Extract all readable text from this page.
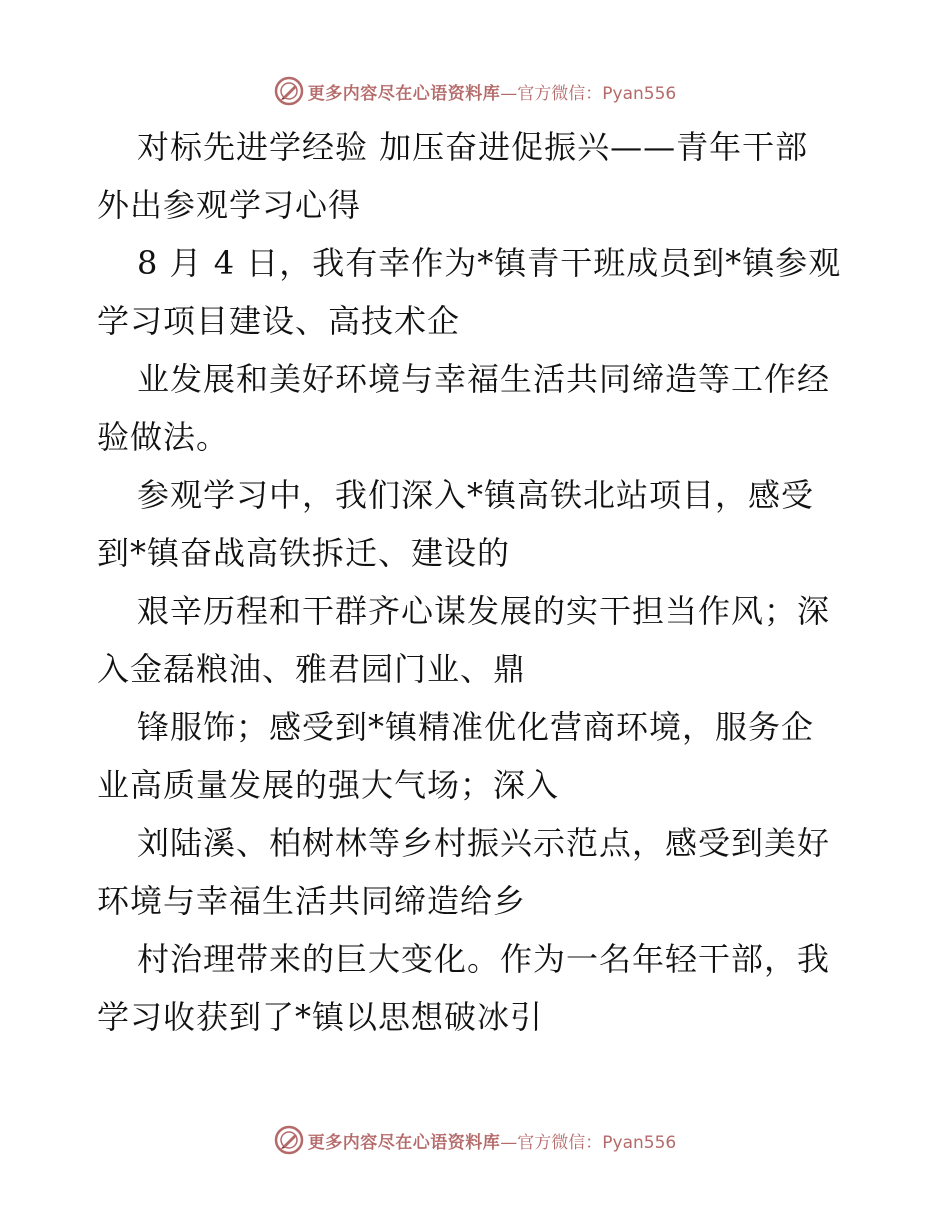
更多内容尽在心语资料库 —官方微信：Pyan556
对标先进学经验 加压奋进促振兴——青年干部
外出参观学习心得
8 月 4 日，我有幸作为*镇青干班成员到*镇参观
学习项目建设、高技术企
业发展和美好环境与幸福生活共同缔造等工作经
验做法。
参观学习中，我们深入*镇高铁北站项目，感受
到*镇奋战高铁拆迁、建设的
艰辛历程和干群齐心谋发展的实干担当作风；深
入金磊粮油、雅君园门业、鼎
锋服饰；感受到*镇精准优化营商环境，服务企
业高质量发展的强大气场；深入
刘陆溪、柏树林等乡村振兴示范点，感受到美好
环境与幸福生活共同缔造给乡
村治理带来的巨大变化。作为一名年轻干部，我
学习收获到了*镇以思想破冰引
更多内容尽在心语资料库 —官方微信：Pyan556
